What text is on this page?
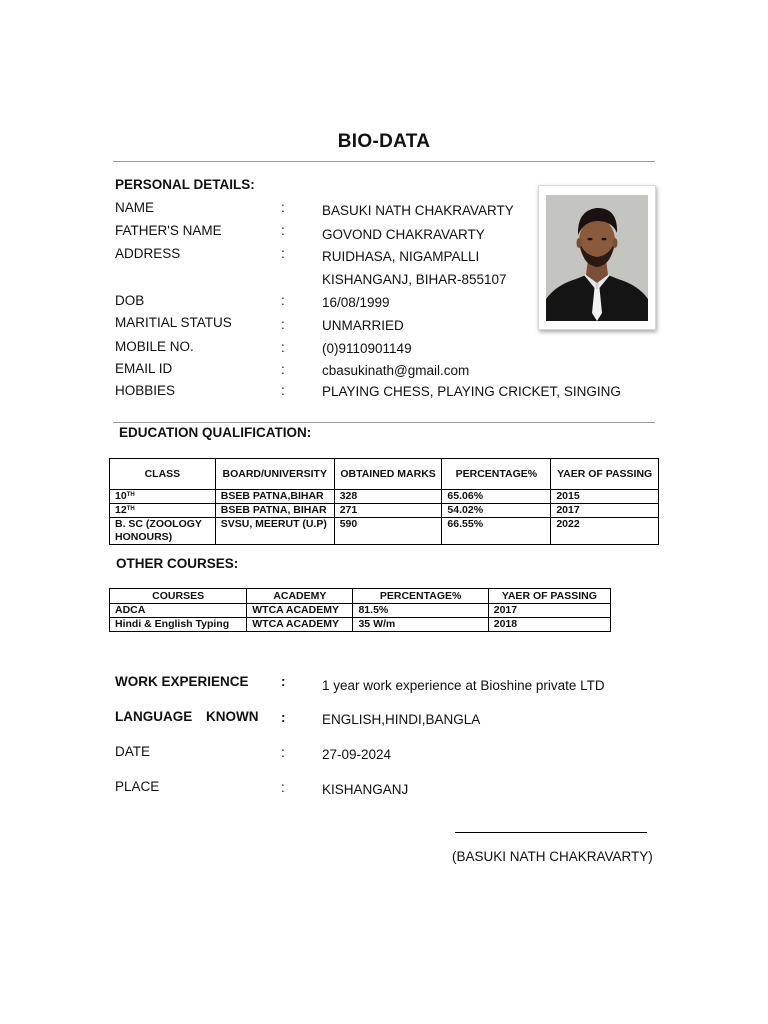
BIO-DATA
PERSONAL DETAILS:
NAME	:	BASUKI NATH CHAKRAVARTY
FATHER'S NAME	:	GOVOND CHAKRAVARTY
ADDRESS	:	RUIDHASA, NIGAMPALLI
KISHANGANJ, BIHAR-855107
DOB	:	16/08/1999
MARITIAL STATUS	:	UNMARRIED
MOBILE NO.	:	(0)9110901149
EMAIL ID	:	cbasukinath@gmail.com
HOBBIES	:	PLAYING CHESS, PLAYING CRICKET, SINGING
EDUCATION QUALIFICATION:
CLASS	BOARD/UNIVERSITY	OBTAINED MARKS	PERCENTAGE%	YAER OF PASSING
10TH	BSEB PATNA,BIHAR	328	65.06%	2015
12TH	BSEB PATNA, BIHAR	271	54.02%	2017
B. SC (ZOOLOGY HONOURS)	SVSU, MEERUT (U.P)	590	66.55%	2022
OTHER COURSES:
COURSES	ACADEMY	PERCENTAGE%	YAER OF PASSING
ADCA	WTCA ACADEMY	81.5%	2017
Hindi & English Typing	WTCA ACADEMY	35 W/m	2018
WORK EXPERIENCE :	1 year work experience at Bioshine private LTD
LANGUAGE KNOWN :	ENGLISH,HINDI,BANGLA
DATE	:	27-09-2024
PLACE	:	KISHANGANJ
(BASUKI NATH CHAKRAVARTY)
